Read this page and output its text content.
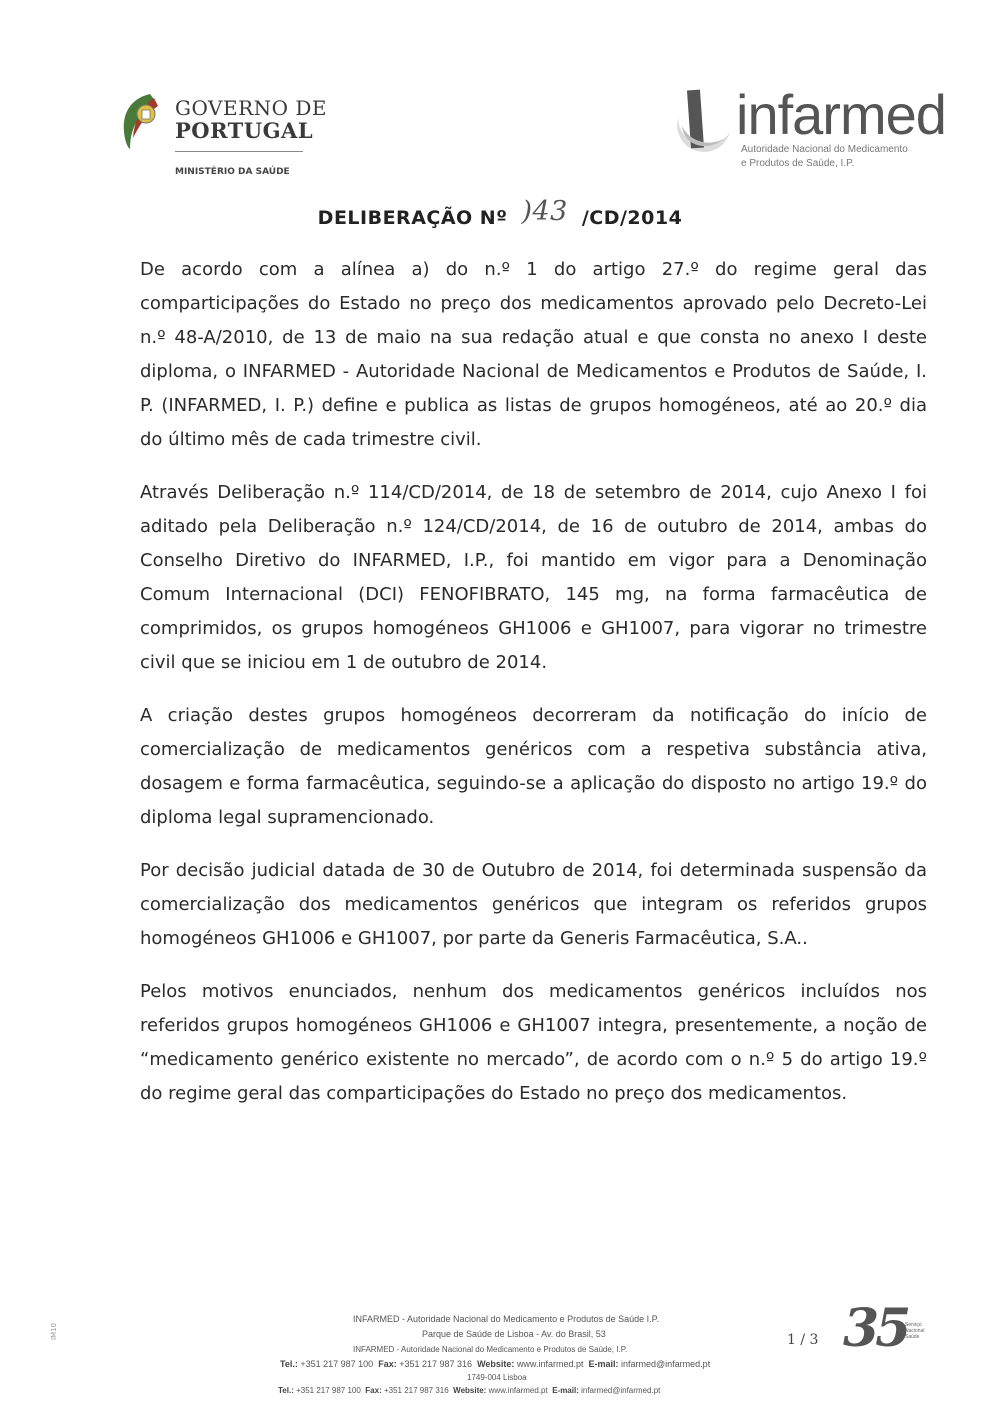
GOVERNO DE
PORTUGAL
MINISTÉRIO DA SAÚDE
infarmed
Autoridade Nacional do Medicamento
e Produtos de Saúde, I.P.
DELIBERAÇÃO Nº )43 /CD/2014

De acordo com a alínea a) do n.º 1 do artigo 27.º do regime geral das comparticipações do Estado no preço dos medicamentos aprovado pelo Decreto-Lei n.º 48-A/2010, de 13 de maio na sua redação atual e que consta no anexo I deste diploma, o INFARMED - Autoridade Nacional de Medicamentos e Produtos de Saúde, I. P. (INFARMED, I. P.) define e publica as listas de grupos homogéneos, até ao 20.º dia do último mês de cada trimestre civil.

Através Deliberação n.º 114/CD/2014, de 18 de setembro de 2014, cujo Anexo I foi aditado pela Deliberação n.º 124/CD/2014, de 16 de outubro de 2014, ambas do Conselho Diretivo do INFARMED, I.P., foi mantido em vigor para a Denominação Comum Internacional (DCI) FENOFIBRATO, 145 mg, na forma farmacêutica de comprimidos, os grupos homogéneos GH1006 e GH1007, para vigorar no trimestre civil que se iniciou em 1 de outubro de 2014.

A criação destes grupos homogéneos decorreram da notificação do início de comercialização de medicamentos genéricos com a respetiva substância ativa, dosagem e forma farmacêutica, seguindo-se a aplicação do disposto no artigo 19.º do diploma legal supramencionado.

Por decisão judicial datada de 30 de Outubro de 2014, foi determinada suspensão da comercialização dos medicamentos genéricos que integram os referidos grupos homogéneos GH1006 e GH1007, por parte da Generis Farmacêutica, S.A..

Pelos motivos enunciados, nenhum dos medicamentos genéricos incluídos nos referidos grupos homogéneos GH1006 e GH1007 integra, presentemente, a noção de “medicamento genérico existente no mercado”, de acordo com o n.º 5 do artigo 19.º do regime geral das comparticipações do Estado no preço dos medicamentos.

IM10
INFARMED - Autoridade Nacional do Medicamento e Produtos de Saúde I.P.
Parque de Saúde de Lisboa - Av. do Brasil, 53
INFARMED - Autoridade Nacional do Medicamento e Produtos de Saúde, I.P.
Tel.: +351 217 987 100 Fax: +351 217 987 316 Website: www.infarmed.pt E-mail: infarmed@infarmed.pt
1749-004 Lisboa
Tel.: +351 217 987 100 Fax: +351 217 987 316 Website: www.infarmed.pt E-mail: infarmed@infarmed.pt
1 / 3 35
Serviço Nacional Saúde
